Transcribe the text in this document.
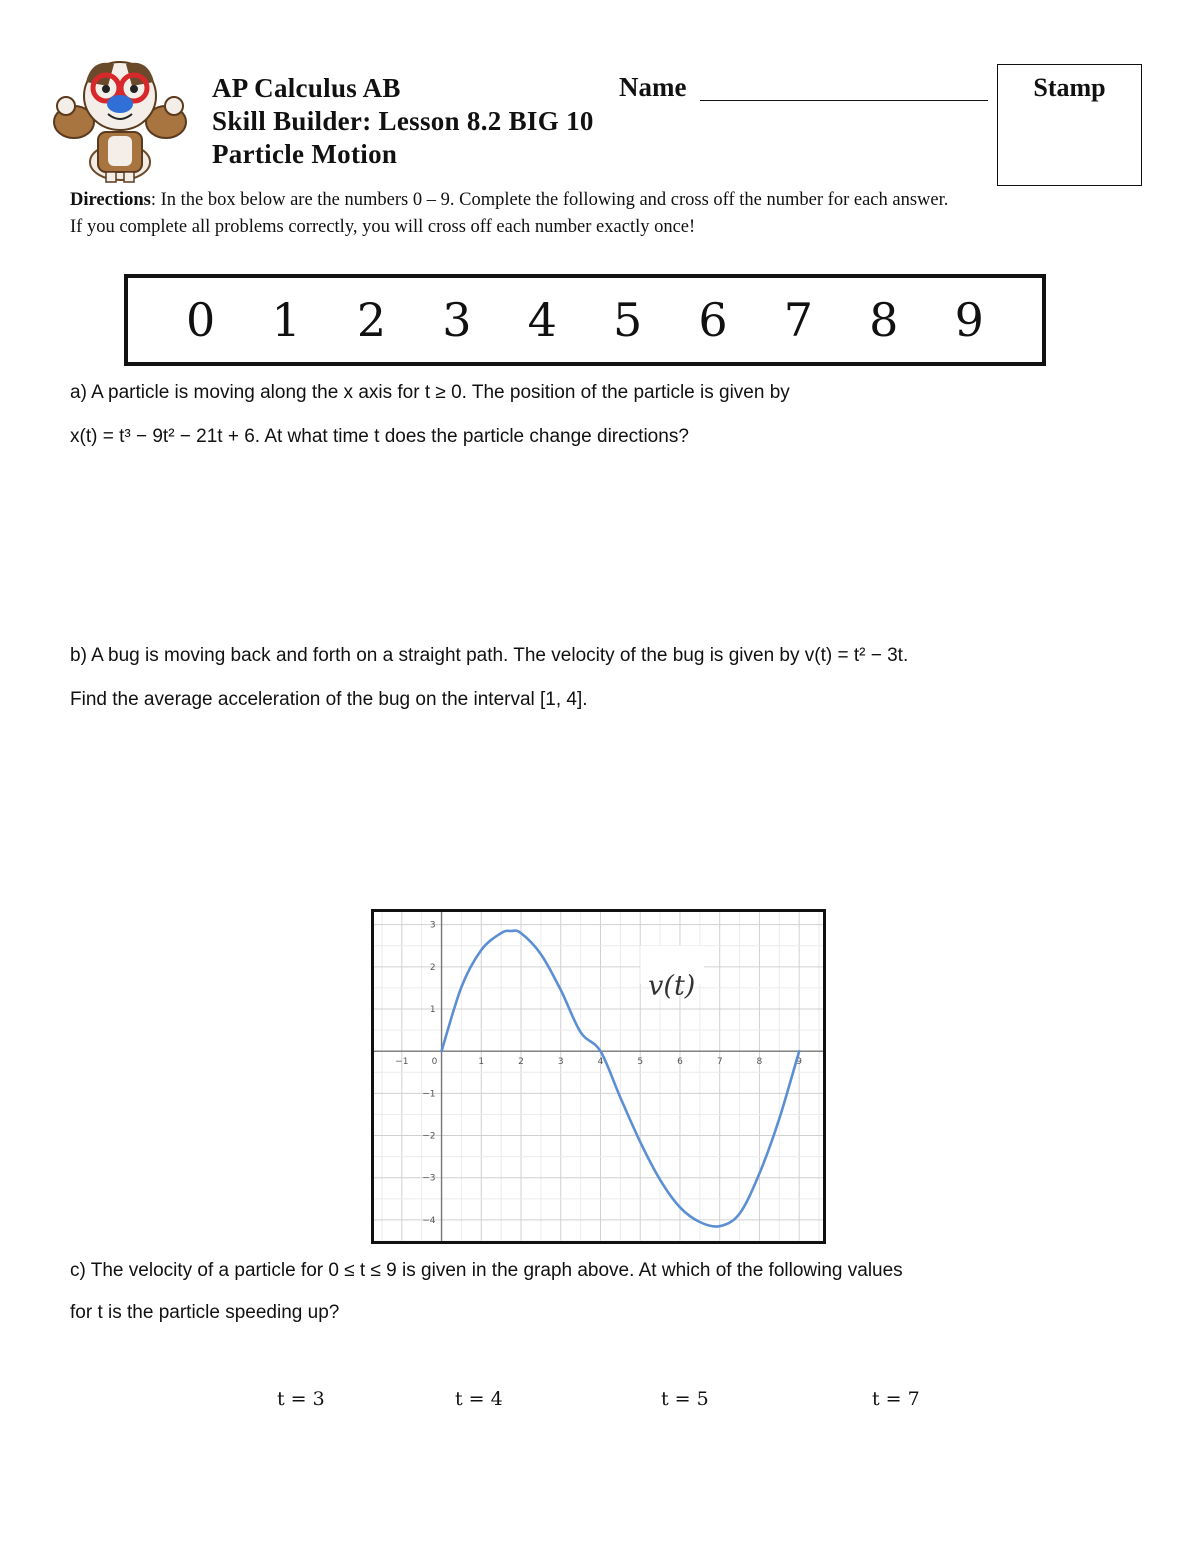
AP Calculus AB
Skill Builder: Lesson 8.2 BIG 10
Particle Motion
Name	Stamp
Directions: In the box below are the numbers 0 – 9. Complete the following and cross off the number for each answer.
If you complete all problems correctly, you will cross off each number exactly once!
0 1 2 3 4 5 6 7 8 9
a) A particle is moving along the x axis for t ≥ 0. The position of the particle is given by
x(t) = t³ − 9t² − 21t + 6. At what time t does the particle change directions?
b) A bug is moving back and forth on a straight path. The velocity of the bug is given by v(t) = t² − 3t.
Find the average acceleration of the bug on the interval [1, 4].
−1	0	1	2	3	4	5	6	7	8	9
3
2
1
−1
−2
−3
−4
v(t)
c) The velocity of a particle for 0 ≤ t ≤ 9 is given in the graph above. At which of the following values
for t is the particle speeding up?
t = 3	t = 4	t = 5	t = 7
